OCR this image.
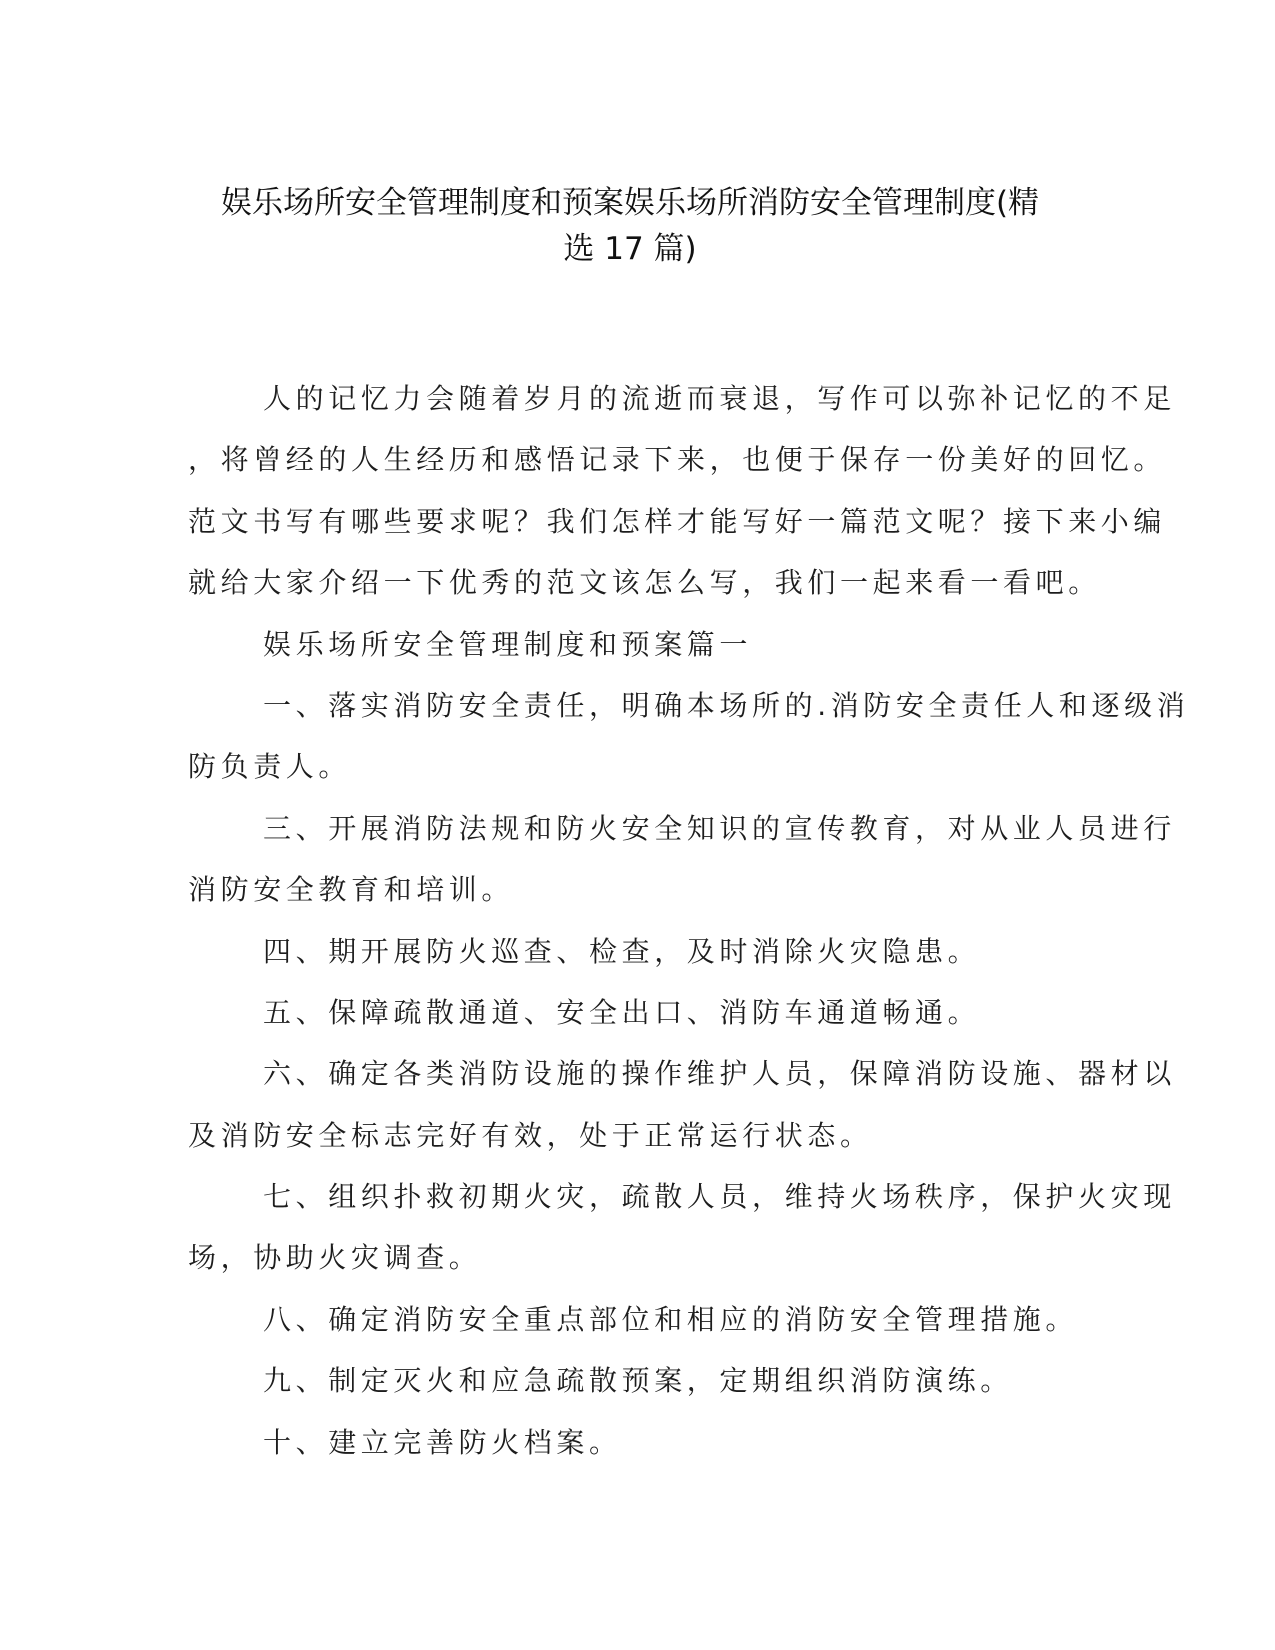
娱乐场所安全管理制度和预案娱乐场所消防安全管理制度(精
选 17 篇)
人的记忆力会随着岁月的流逝而衰退，写作可以弥补记忆的不足
，将曾经的人生经历和感悟记录下来，也便于保存一份美好的回忆。
范文书写有哪些要求呢？我们怎样才能写好一篇范文呢？接下来小编
就给大家介绍一下优秀的范文该怎么写，我们一起来看一看吧。
娱乐场所安全管理制度和预案篇一
一、落实消防安全责任，明确本场所的.消防安全责任人和逐级消
防负责人。
三、开展消防法规和防火安全知识的宣传教育，对从业人员进行
消防安全教育和培训。
四、期开展防火巡查、检查，及时消除火灾隐患。
五、保障疏散通道、安全出口、消防车通道畅通。
六、确定各类消防设施的操作维护人员，保障消防设施、器材以
及消防安全标志完好有效，处于正常运行状态。
七、组织扑救初期火灾，疏散人员，维持火场秩序，保护火灾现
场，协助火灾调查。
八、确定消防安全重点部位和相应的消防安全管理措施。
九、制定灭火和应急疏散预案，定期组织消防演练。
十、建立完善防火档案。
